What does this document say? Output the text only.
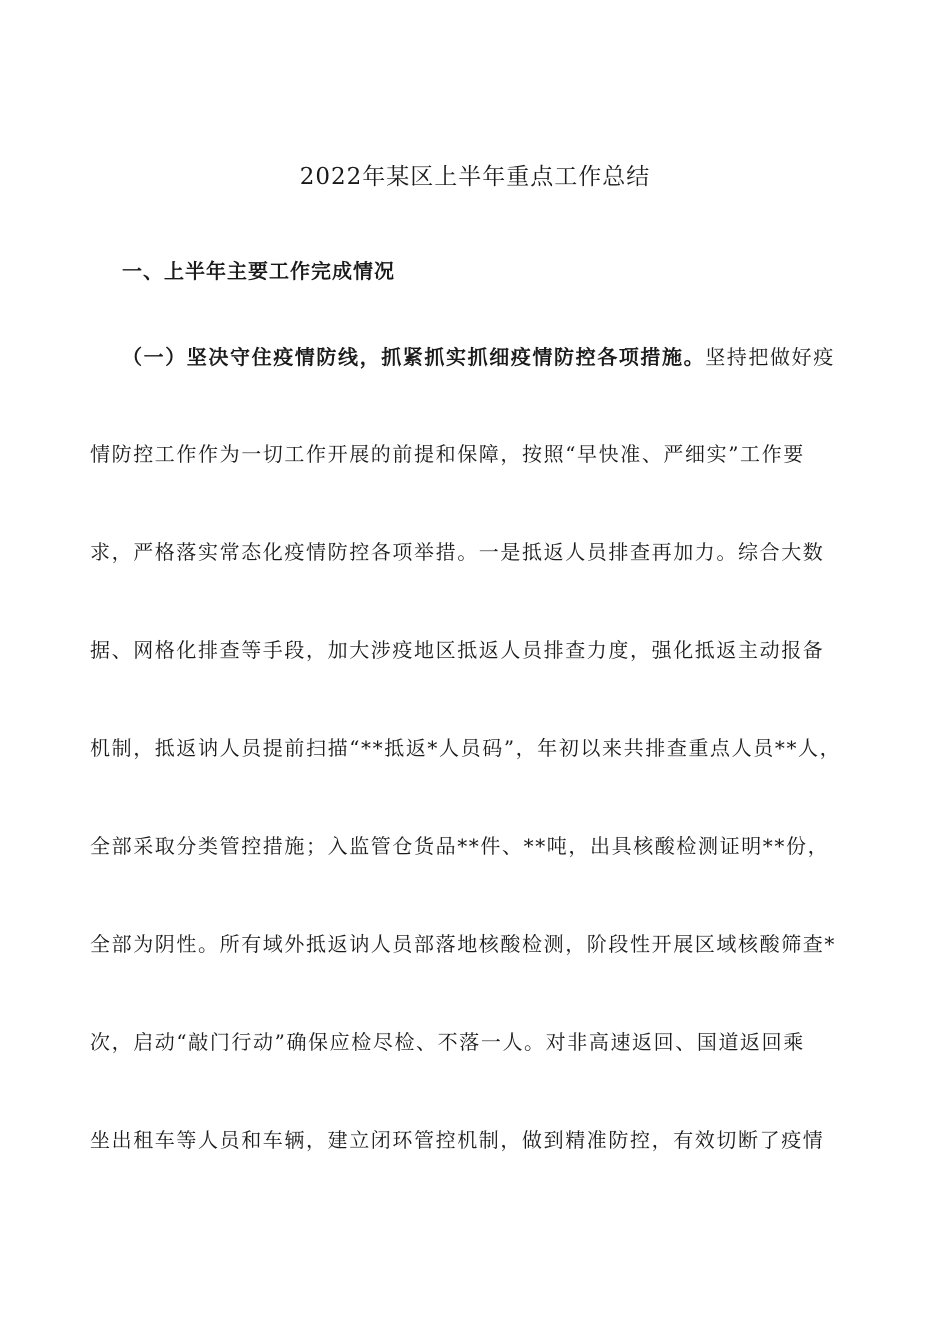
2022年某区上半年重点工作总结
一、上半年主要工作完成情况

（一）坚决守住疫情防线，抓紧抓实抓细疫情防控各项措施。坚持把做好疫

情防控工作作为一切工作开展的前提和保障，按照“早快准、严细实”工作要

求，严格落实常态化疫情防控各项举措。一是抵返人员排查再加力。综合大数

据、网格化排查等手段，加大涉疫地区抵返人员排查力度，强化抵返主动报备

机制，抵返讷人员提前扫描“**抵返*人员码”，年初以来共排查重点人员**人，

全部采取分类管控措施；入监管仓货品**件、**吨，出具核酸检测证明**份，

全部为阴性。所有域外抵返讷人员部落地核酸检测，阶段性开展区域核酸筛查*

次，启动“敲门行动”确保应检尽检、不落一人。对非高速返回、国道返回乘

坐出租车等人员和车辆，建立闭环管控机制，做到精准防控，有效切断了疫情
